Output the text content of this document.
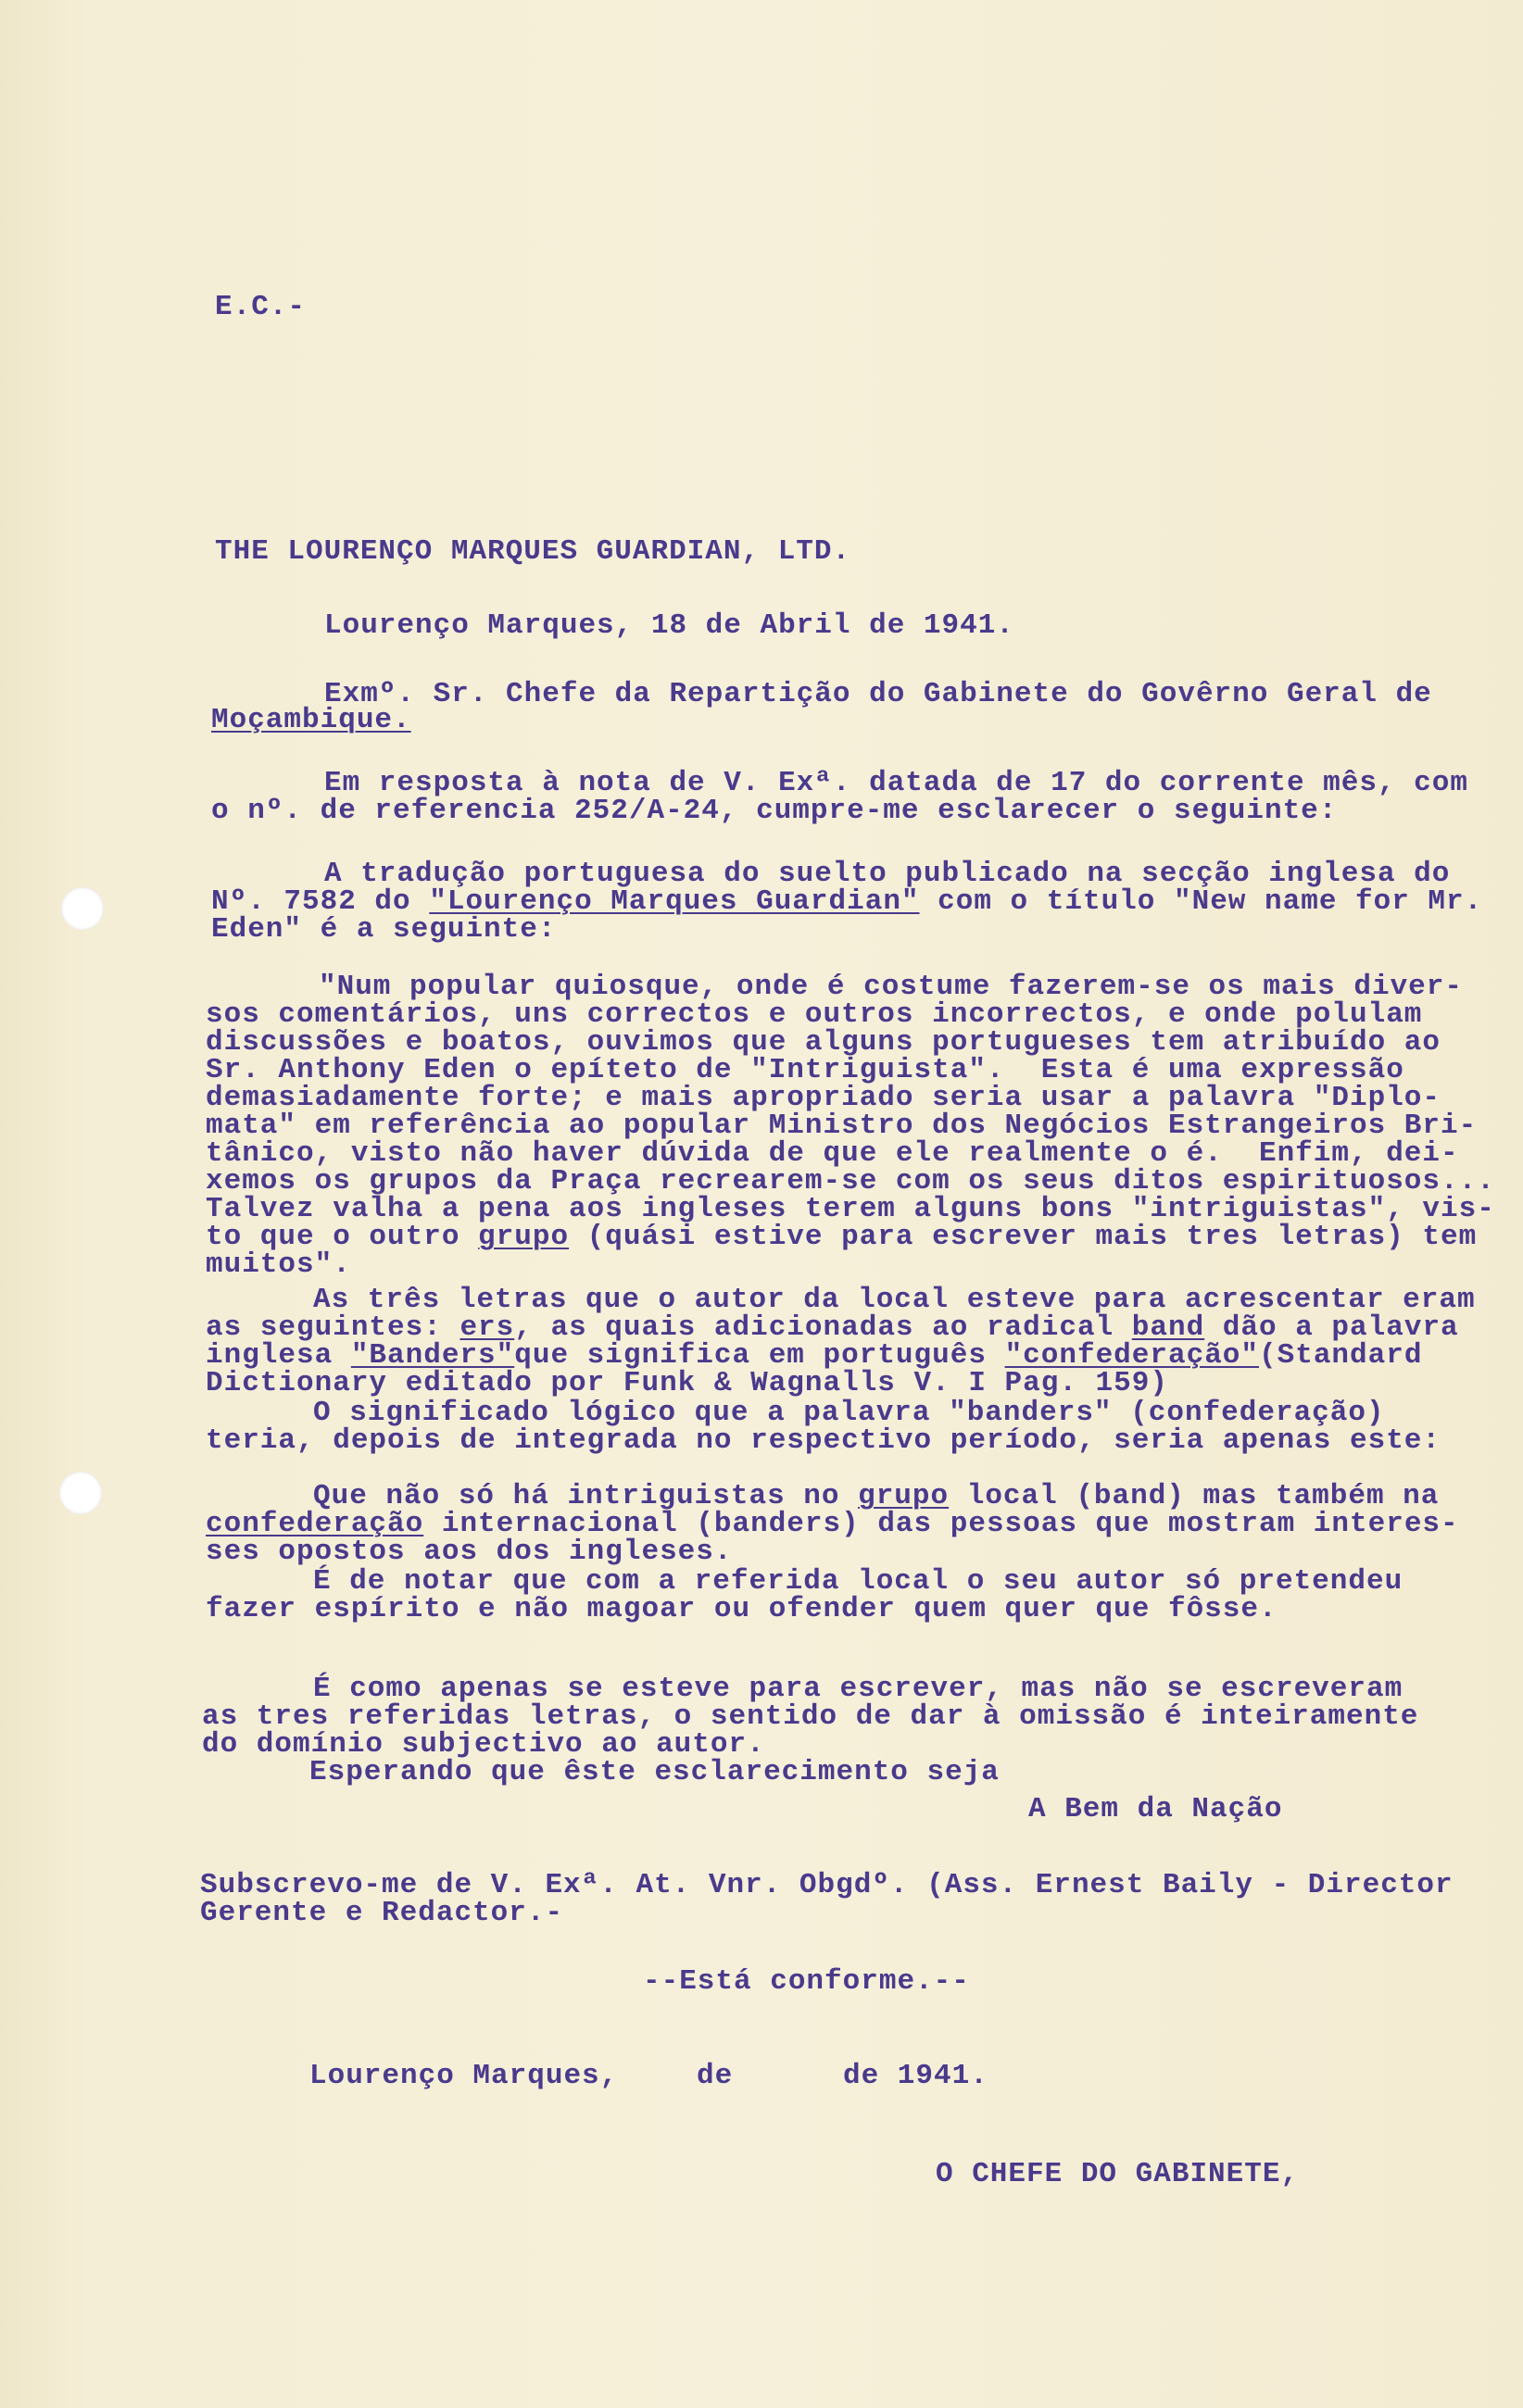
E.C.-
THE LOURENÇO MARQUES GUARDIAN, LTD.
Lourenço Marques, 18 de Abril de 1941.
Exmº. Sr. Chefe da Repartição do Gabinete do Govêrno Geral de
Moçambique.
Em resposta à nota de V. Exª. datada de 17 do corrente mês, com
o nº. de referencia 252/A-24, cumpre-me esclarecer o seguinte:
A tradução portuguesa do suelto publicado na secção inglesa do
Nº. 7582 do "Lourenço Marques Guardian" com o título "New name for Mr.
Eden" é a seguinte:
"Num popular quiosque, onde é costume fazerem-se os mais diver-
sos comentários, uns correctos e outros incorrectos, e onde polulam
discussões e boatos, ouvimos que alguns portugueses tem atribuído ao
Sr. Anthony Eden o epíteto de "Intriguista".  Esta é uma expressão
demasiadamente forte; e mais apropriado seria usar a palavra "Diplo-
mata" em referência ao popular Ministro dos Negócios Estrangeiros Bri-
tânico, visto não haver dúvida de que ele realmente o é.  Enfim, dei-
xemos os grupos da Praça recrearem-se com os seus ditos espirituosos...
Talvez valha a pena aos ingleses terem alguns bons "intriguistas", vis-
to que o outro grupo (quási estive para escrever mais tres letras) tem
muitos".
As três letras que o autor da local esteve para acrescentar eram
as seguintes: ers, as quais adicionadas ao radical band dão a palavra
inglesa "Banders"que significa em português "confederação"(Standard
Dictionary editado por Funk & Wagnalls V. I Pag. 159)
O significado lógico que a palavra "banders" (confederação)
teria, depois de integrada no respectivo período, seria apenas este:
Que não só há intriguistas no grupo local (band) mas também na
confederação internacional (banders) das pessoas que mostram interes-
ses opostos aos dos ingleses.
É de notar que com a referida local o seu autor só pretendeu
fazer espírito e não magoar ou ofender quem quer que fôsse.
É como apenas se esteve para escrever, mas não se escreveram
as tres referidas letras, o sentido de dar à omissão é inteiramente
do domínio subjectivo ao autor.
Esperando que êste esclarecimento seja
A Bem da Nação
Subscrevo-me de V. Exª. At. Vnr. Obgdº. (Ass. Ernest Baily - Director
Gerente e Redactor.-
--Está conforme.--
Lourenço Marques,	de	de 1941.
O CHEFE DO GABINETE,
